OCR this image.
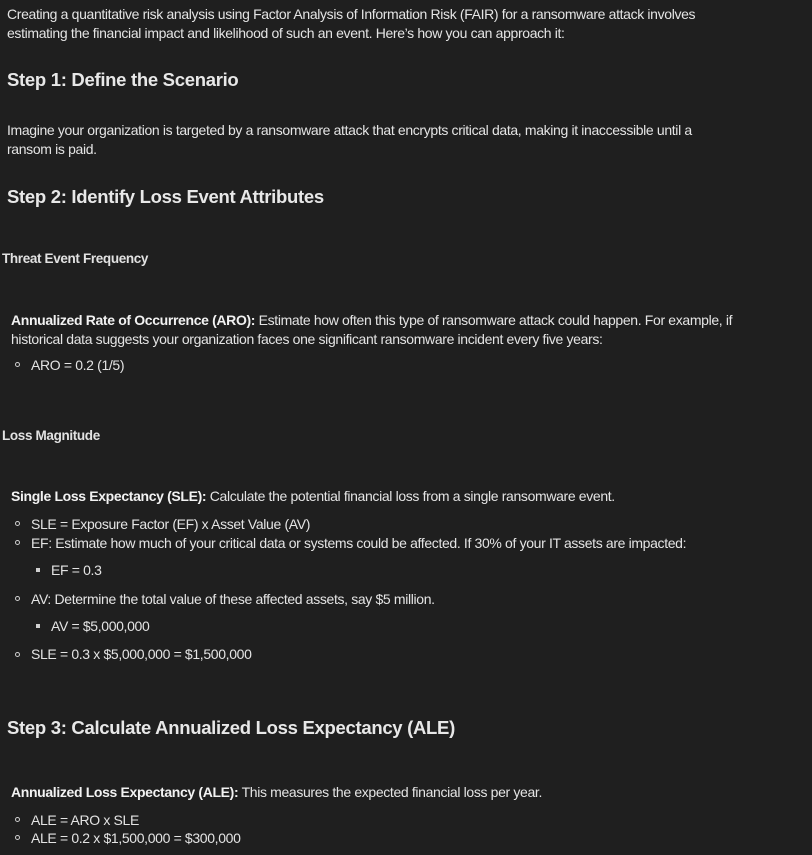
Creating a quantitative risk analysis using Factor Analysis of Information Risk (FAIR) for a ransomware attack involves
estimating the financial impact and likelihood of such an event. Here’s how you can approach it:
Step 1: Define the Scenario
Imagine your organization is targeted by a ransomware attack that encrypts critical data, making it inaccessible until a
ransom is paid.
Step 2: Identify Loss Event Attributes
Threat Event Frequency
Annualized Rate of Occurrence (ARO): Estimate how often this type of ransomware attack could happen. For example, if
historical data suggests your organization faces one significant ransomware incident every five years:
ARO = 0.2 (1/5)
Loss Magnitude
Single Loss Expectancy (SLE): Calculate the potential financial loss from a single ransomware event.
SLE = Exposure Factor (EF) x Asset Value (AV)
EF: Estimate how much of your critical data or systems could be affected. If 30% of your IT assets are impacted:
EF = 0.3
AV: Determine the total value of these affected assets, say $5 million.
AV = $5,000,000
SLE = 0.3 x $5,000,000 = $1,500,000
Step 3: Calculate Annualized Loss Expectancy (ALE)
Annualized Loss Expectancy (ALE): This measures the expected financial loss per year.
ALE = ARO x SLE
ALE = 0.2 x $1,500,000 = $300,000
